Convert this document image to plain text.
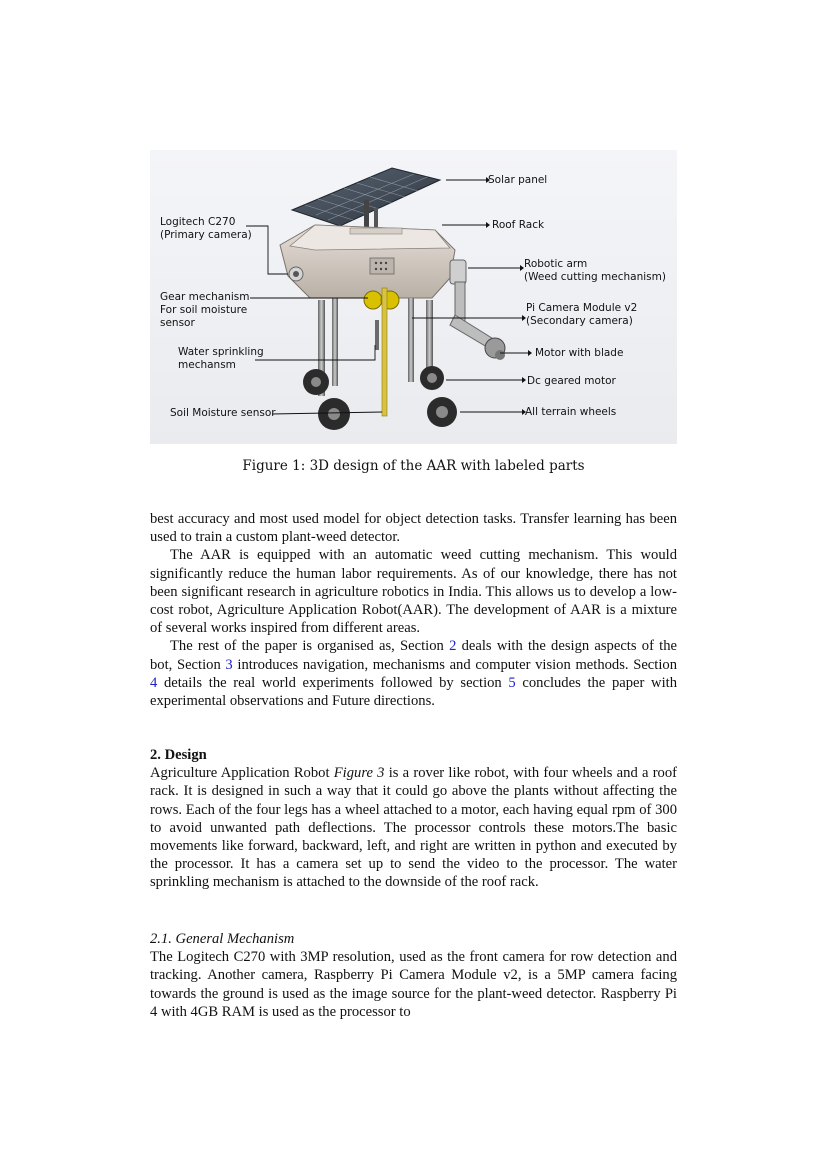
Solar panel
Roof Rack
Logitech C270
(Primary camera)
Robotic arm
(Weed cutting mechanism)
Gear mechanism
For soil moisture
sensor
Pi Camera Module v2
(Secondary camera)
Water sprinkling
mechansm
Motor with blade
Dc geared motor
Soil Moisture sensor	All terrain wheels
Figure 1: 3D design of the AAR with labeled parts

best accuracy and most used model for object detection tasks. Transfer learning has been used to train a custom plant-weed detector.

The AAR is equipped with an automatic weed cutting mechanism. This would significantly reduce the human labor requirements. As of our knowledge, there has not been significant research in agriculture robotics in India. This allows us to develop a low-cost robot, Agriculture Application Robot(AAR). The development of AAR is a mixture of several works inspired from different areas.

The rest of the paper is organised as, Section 2 deals with the design aspects of the bot, Section 3 introduces navigation, mechanisms and computer vision methods. Section 4 details the real world experiments followed by section 5 concludes the paper with experimental observations and Future directions.

2. Design

Agriculture Application Robot Figure 3 is a rover like robot, with four wheels and a roof rack. It is designed in such a way that it could go above the plants without affecting the rows. Each of the four legs has a wheel attached to a motor, each having equal rpm of 300 to avoid unwanted path deflections. The processor controls these motors.The basic movements like forward, backward, left, and right are written in python and executed by the processor. It has a camera set up to send the video to the processor. The water sprinkling mechanism is attached to the downside of the roof rack.

2.1. General Mechanism

The Logitech C270 with 3MP resolution, used as the front camera for row detection and tracking. Another camera, Raspberry Pi Camera Module v2, is a 5MP camera facing towards the ground is used as the image source for the plant-weed detector. Raspberry Pi 4 with 4GB RAM is used as the processor to
